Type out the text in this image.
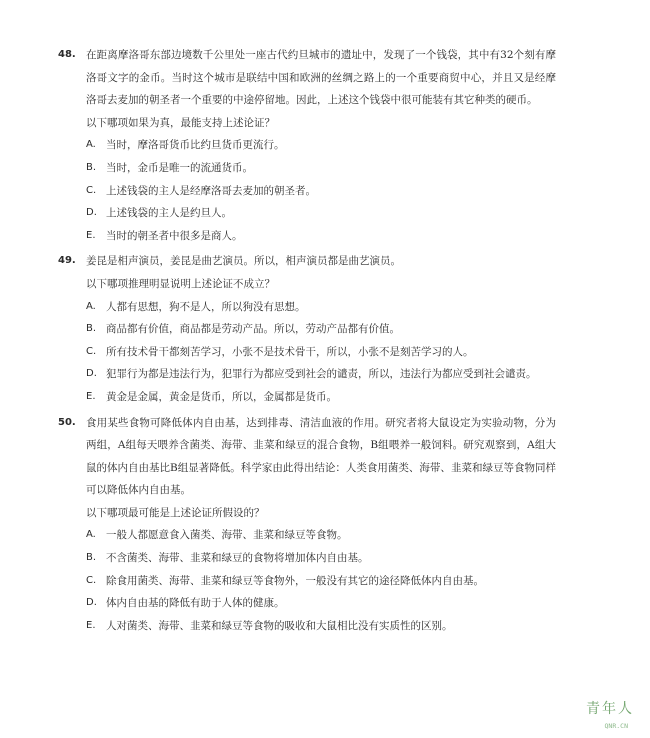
48. 在距离摩洛哥东部边境数千公里处一座古代约旦城市的遗址中，发现了一个钱袋，其中有32个刻有摩洛哥文字的金币。当时这个城市是联结中国和欧洲的丝绸之路上的一个重要商贸中心，并且又是经摩洛哥去麦加的朝圣者一个重要的中途停留地。因此，上述这个钱袋中很可能装有其它种类的硬币。

以下哪项如果为真，最能支持上述论证？

A. 当时，摩洛哥货币比约旦货币更流行。
B. 当时，金币是唯一的流通货币。
C. 上述钱袋的主人是经摩洛哥去麦加的朝圣者。
D. 上述钱袋的主人是约旦人。
E. 当时的朝圣者中很多是商人。
49. 姜昆是相声演员，姜昆是曲艺演员。所以，相声演员都是曲艺演员。

以下哪项推理明显说明上述论证不成立？

A. 人都有思想，狗不是人，所以狗没有思想。
B. 商品都有价值，商品都是劳动产品。所以，劳动产品都有价值。
C. 所有技术骨干都刻苦学习，小张不是技术骨干，所以，小张不是刻苦学习的人。
D. 犯罪行为都是违法行为，犯罪行为都应受到社会的谴责，所以，违法行为都应受到社会谴责。
E. 黄金是金属，黄金是货币，所以，金属都是货币。
50. 食用某些食物可降低体内自由基，达到排毒、清洁血液的作用。研究者将大鼠设定为实验动物，分为两组，A组每天喂养含菌类、海带、韭菜和绿豆的混合食物，B组喂养一般饲料。研究观察到，A组大鼠的体内自由基比B组显著降低。科学家由此得出结论：人类食用菌类、海带、韭菜和绿豆等食物同样可以降低体内自由基。

以下哪项最可能是上述论证所假设的？

A. 一般人都愿意食入菌类、海带、韭菜和绿豆等食物。
B. 不含菌类、海带、韭菜和绿豆的食物将增加体内自由基。
C. 除食用菌类、海带、韭菜和绿豆等食物外，一般没有其它的途径降低体内自由基。
D. 体内自由基的降低有助于人体的健康。
E. 人对菌类、海带、韭菜和绿豆等食物的吸收和大鼠相比没有实质性的区别。
青年人
QNR.CN
